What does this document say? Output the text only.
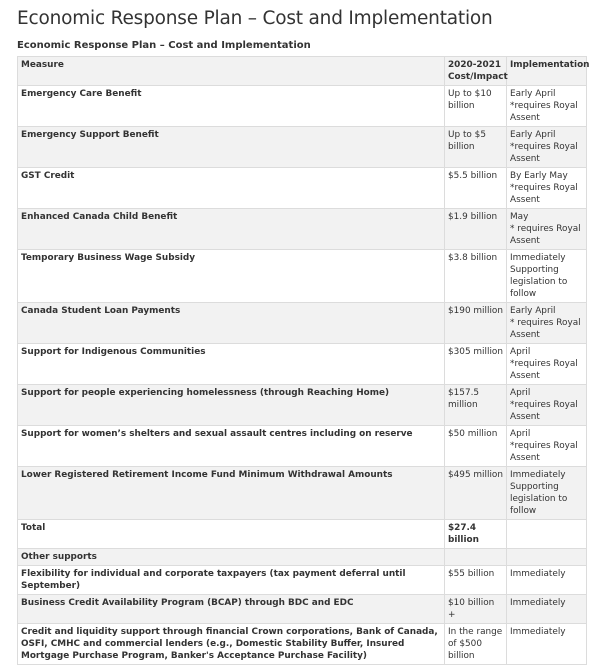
Economic Response Plan – Cost and Implementation
Economic Response Plan – Cost and Implementation
Measure	2020-2021 Cost/Impact	Implementation
Emergency Care Benefit	Up to $10 billion	Early April
*requires Royal Assent
Emergency Support Benefit	Up to $5 billion	Early April
*requires Royal Assent
GST Credit	$5.5 billion	By Early May
*requires Royal Assent
Enhanced Canada Child Benefit	$1.9 billion	May
* requires Royal Assent
Temporary Business Wage Subsidy	$3.8 billion	Immediately
Supporting legislation to follow
Canada Student Loan Payments	$190 million	Early April
* requires Royal Assent
Support for Indigenous Communities	$305 million	April
*requires Royal Assent
Support for people experiencing homelessness (through Reaching Home)	$157.5 million	April
*requires Royal Assent
Support for women’s shelters and sexual assault centres including on reserve	$50 million	April
*requires Royal Assent
Lower Registered Retirement Income Fund Minimum Withdrawal Amounts	$495 million	Immediately
Supporting legislation to follow
Total	$27.4 billion	
Other supports		
Flexibility for individual and corporate taxpayers (tax payment deferral until September)	$55 billion	Immediately
Business Credit Availability Program (BCAP) through BDC and EDC	$10 billion +	Immediately
Credit and liquidity support through financial Crown corporations, Bank of Canada, OSFI, CMHC and commercial lenders (e.g., Domestic Stability Buffer, Insured Mortgage Purchase Program, Banker's Acceptance Purchase Facility)	In the range of $500 billion	Immediately
